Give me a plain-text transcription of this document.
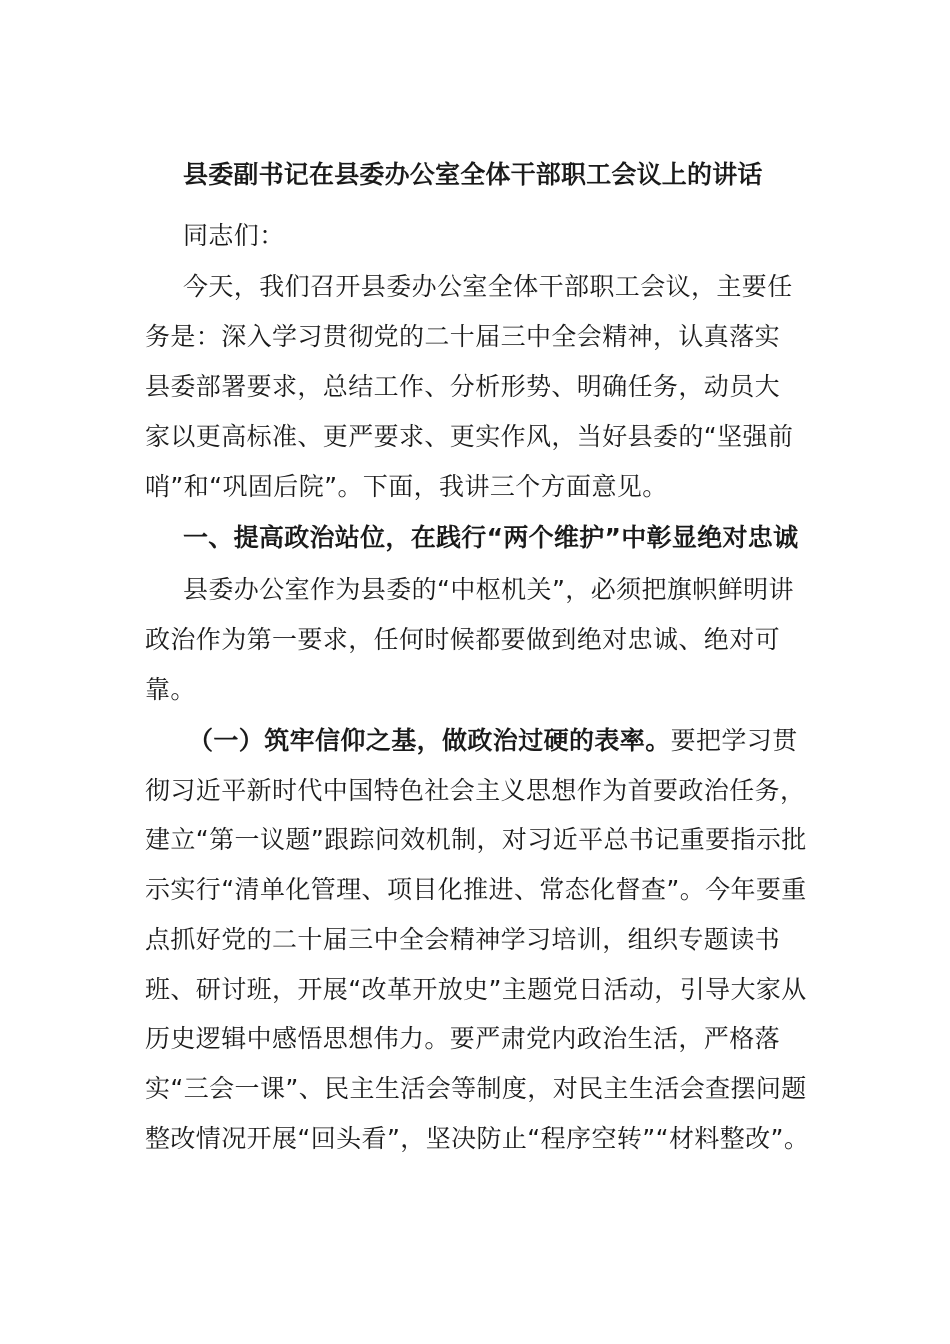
县委副书记在县委办公室全体干部职工会议上的讲话
同志们：
今天，我们召开县委办公室全体干部职工会议，主要任
务是：深入学习贯彻党的二十届三中全会精神，认真落实
县委部署要求，总结工作、分析形势、明确任务，动员大
家以更高标准、更严要求、更实作风，当好县委的“坚强前
哨”和“巩固后院”。下面，我讲三个方面意见。
一、提高政治站位，在践行“两个维护”中彰显绝对忠诚
县委办公室作为县委的“中枢机关”，必须把旗帜鲜明讲
政治作为第一要求，任何时候都要做到绝对忠诚、绝对可
靠。
（一）筑牢信仰之基，做政治过硬的表率。要把学习贯
彻习近平新时代中国特色社会主义思想作为首要政治任务，
建立“第一议题”跟踪问效机制，对习近平总书记重要指示批
示实行“清单化管理、项目化推进、常态化督查”。今年要重
点抓好党的二十届三中全会精神学习培训，组织专题读书
班、研讨班，开展“改革开放史”主题党日活动，引导大家从
历史逻辑中感悟思想伟力。要严肃党内政治生活，严格落
实“三会一课”、民主生活会等制度，对民主生活会查摆问题
整改情况开展“回头看”，坚决防止“程序空转”“材料整改”。
